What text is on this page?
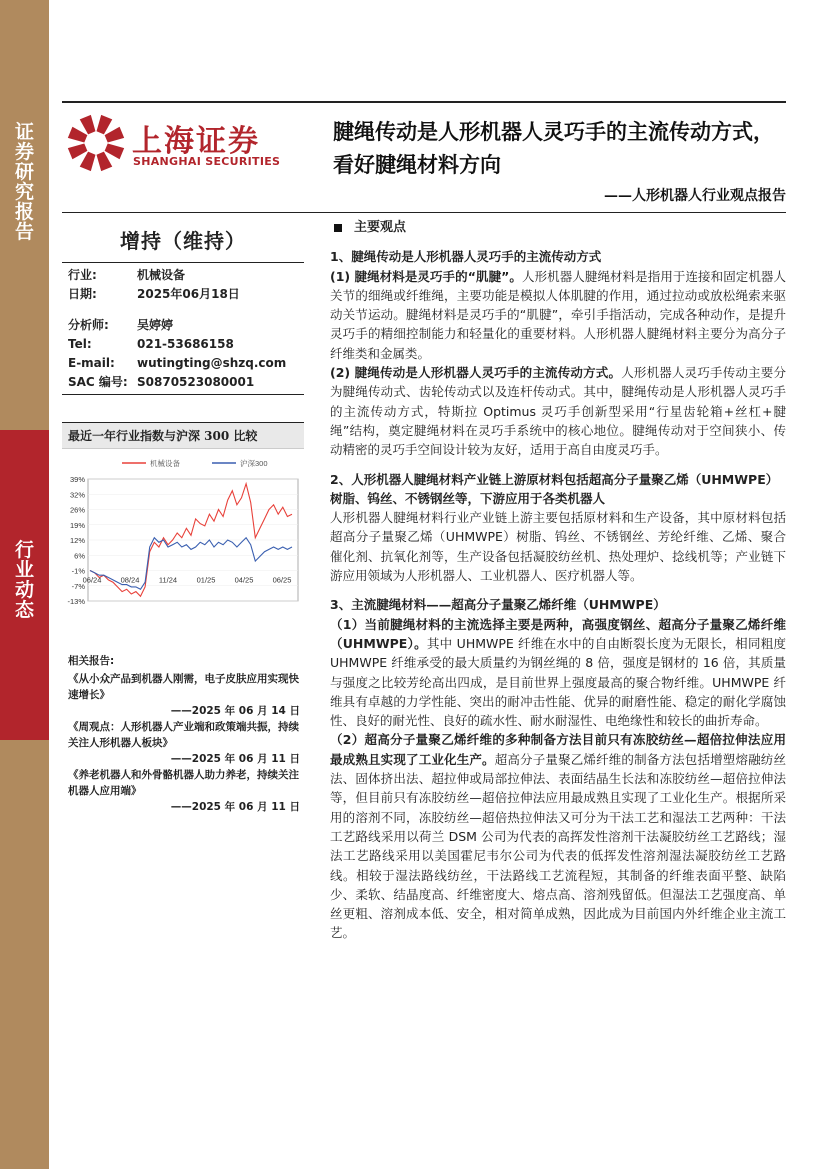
证
券
研
究
报
告
行
业
动
态
上海证券
SHANGHAI SECURITIES
腱绳传动是人形机器人灵巧手的主流传动方式，看好腱绳材料方向
——人形机器人行业观点报告
增持（维持）
行业:	机械设备
日期:	2025年06月18日
分析师:	吴婷婷
Tel:	021-53686158
E-mail:	wutingting@shzq.com
SAC 编号: S0870523080001
最近一年行业指数与沪深 300 比较
39%
32%
26%
19%
12%
6%
-1%
-7%
-13%
06/24	08/24	11/24	01/25	04/25	06/25
机械设备	沪深300
相关报告:
《从小众产品到机器人刚需，电子皮肤应用实现快速增长》
——2025 年 06 月 14 日
《周观点：人形机器人产业端和政策端共振，持续关注人形机器人板块》
——2025 年 06 月 11 日
《养老机器人和外骨骼机器人助力养老，持续关注机器人应用端》
——2025 年 06 月 11 日
主要观点
1、腱绳传动是人形机器人灵巧手的主流传动方式

(1) 腱绳材料是灵巧手的“肌腱”。人形机器人腱绳材料是指用于连接和固定机器人关节的细绳或纤维绳，主要功能是模拟人体肌腱的作用，通过拉动或放松绳索来驱动关节运动。腱绳材料是灵巧手的“肌腱”，牵引手指活动，完成各种动作，是提升灵巧手的精细控制能力和轻量化的重要材料。人形机器人腱绳材料主要分为高分子纤维类和金属类。

(2) 腱绳传动是人形机器人灵巧手的主流传动方式。人形机器人灵巧手传动主要分为腱绳传动式、齿轮传动式以及连杆传动式。其中，腱绳传动是人形机器人灵巧手的主流传动方式，特斯拉 Optimus 灵巧手创新型采用“行星齿轮箱+丝杠+腱绳”结构，奠定腱绳材料在灵巧手系统中的核心地位。腱绳传动对于空间狭小、传动精密的灵巧手空间设计较为友好，适用于高自由度灵巧手。

2、人形机器人腱绳材料产业链上游原材料包括超高分子量聚乙烯（UHMWPE）树脂、钨丝、不锈钢丝等，下游应用于各类机器人

人形机器人腱绳材料行业产业链上游主要包括原材料和生产设备，其中原材料包括超高分子量聚乙烯（UHMWPE）树脂、钨丝、不锈钢丝、芳纶纤维、乙烯、聚合催化剂、抗氧化剂等，生产设备包括凝胶纺丝机、热处理炉、捻线机等；产业链下游应用领域为人形机器人、工业机器人、医疗机器人等。

3、主流腱绳材料——超高分子量聚乙烯纤维（UHMWPE）

（1）当前腱绳材料的主流选择主要是两种，高强度钢丝、超高分子量聚乙烯纤维（UHMWPE）。其中 UHMWPE 纤维在水中的自由断裂长度为无限长，相同粗度 UHMWPE 纤维承受的最大质量约为钢丝绳的 8 倍，强度是钢材的 16 倍，其质量与强度之比较芳纶高出四成，是目前世界上强度最高的聚合物纤维。UHMWPE 纤维具有卓越的力学性能、突出的耐冲击性能、优异的耐磨性能、稳定的耐化学腐蚀性、良好的耐光性、良好的疏水性、耐水耐湿性、电绝缘性和较长的曲折寿命。

（2）超高分子量聚乙烯纤维的多种制备方法目前只有冻胶纺丝—超倍拉伸法应用最成熟且实现了工业化生产。超高分子量聚乙烯纤维的制备方法包括增塑熔融纺丝法、固体挤出法、超拉伸或局部拉伸法、表面结晶生长法和冻胶纺丝—超倍拉伸法等，但目前只有冻胶纺丝—超倍拉伸法应用最成熟且实现了工业化生产。根据所采用的溶剂不同，冻胶纺丝—超倍热拉伸法又可分为干法工艺和湿法工艺两种：干法工艺路线采用以荷兰 DSM 公司为代表的高挥发性溶剂干法凝胶纺丝工艺路线；湿法工艺路线采用以美国霍尼韦尔公司为代表的低挥发性溶剂湿法凝胶纺丝工艺路线。相较于湿法路线纺丝，干法路线工艺流程短，其制备的纤维表面平整、缺陷少、柔软、结晶度高、纤维密度大、熔点高、溶剂残留低。但湿法工艺强度高、单丝更粗、溶剂成本低、安全，相对简单成熟，因此成为目前国内外纤维企业主流工艺。
